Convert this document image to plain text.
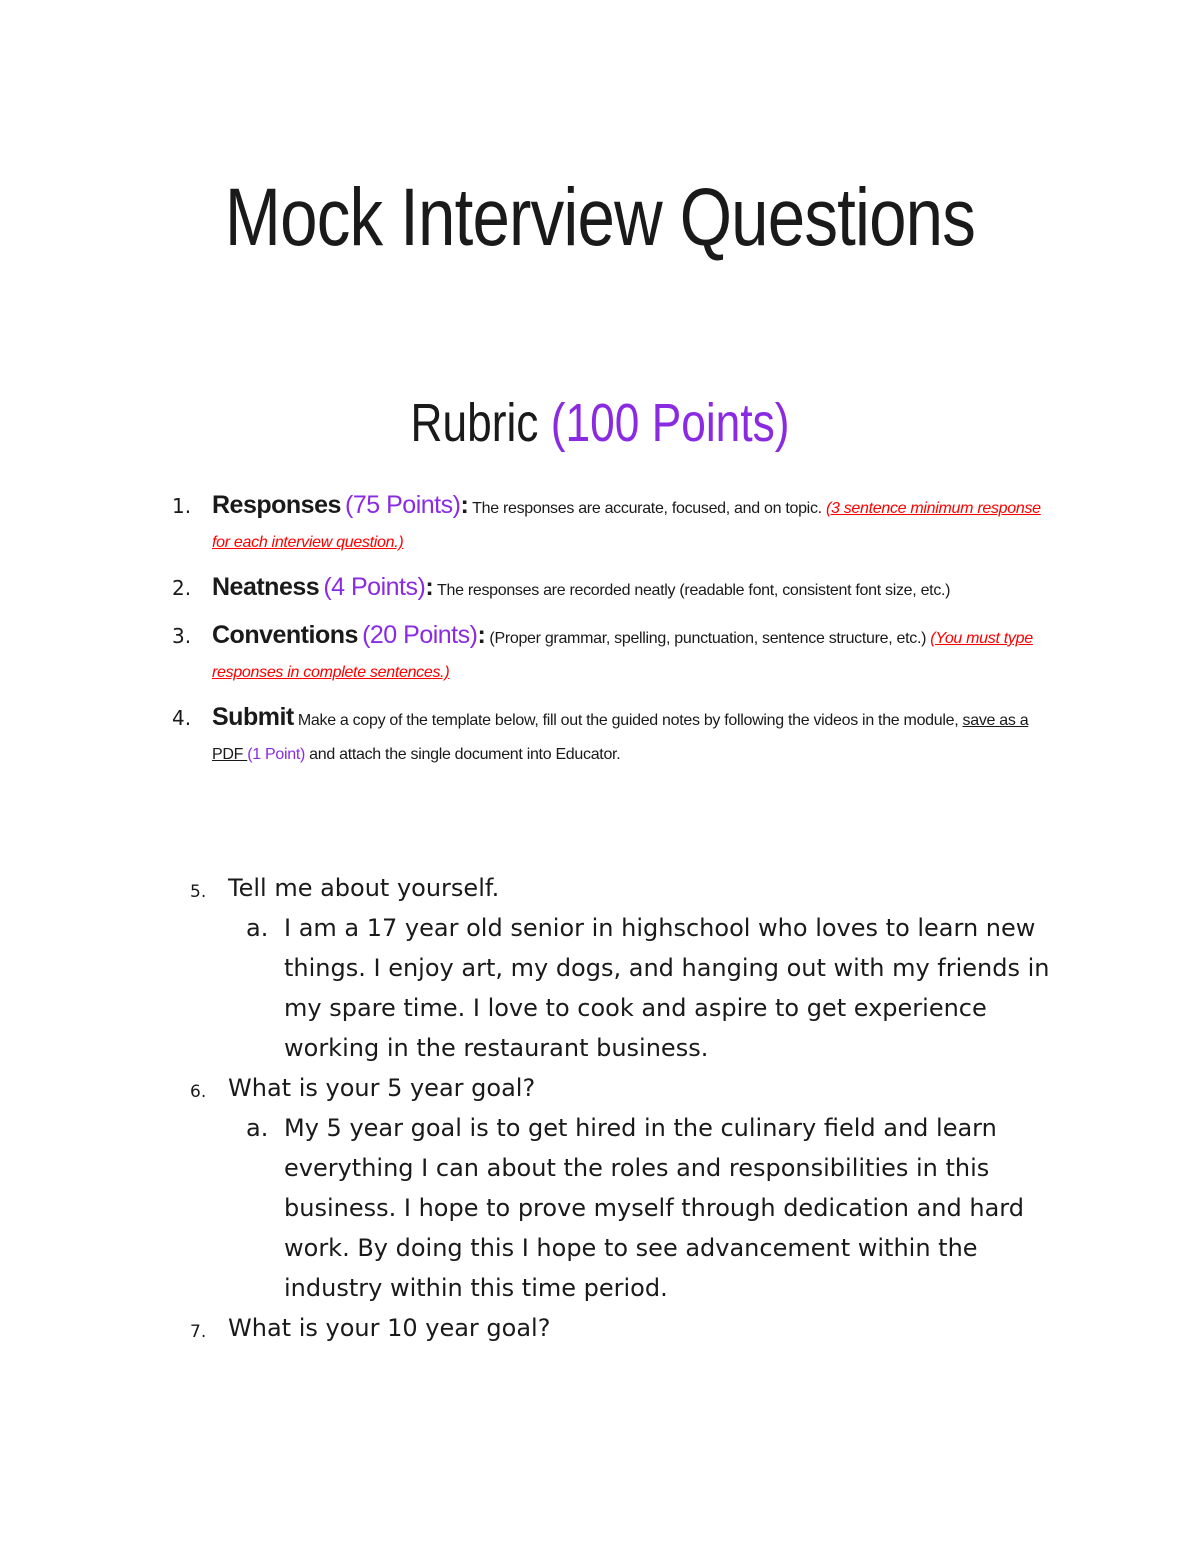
Mock Interview Questions
Rubric (100 Points)
1. Responses (75 Points): The responses are accurate, focused, and on topic. (3 sentence minimum response for each interview question.)
2. Neatness (4 Points): The responses are recorded neatly (readable font, consistent font size, etc.)
3. Conventions (20 Points): (Proper grammar, spelling, punctuation, sentence structure, etc.) (You must type responses in complete sentences.)
4. Submit Make a copy of the template below, fill out the guided notes by following the videos in the module, save as a PDF (1 Point) and attach the single document into Educator.
5. Tell me about yourself.
a. I am a 17 year old senior in highschool who loves to learn new things. I enjoy art, my dogs, and hanging out with my friends in my spare time. I love to cook and aspire to get experience working in the restaurant business.
6. What is your 5 year goal?
a. My 5 year goal is to get hired in the culinary field and learn everything I can about the roles and responsibilities in this business. I hope to prove myself through dedication and hard work. By doing this I hope to see advancement within the industry within this time period.
7. What is your 10 year goal?
